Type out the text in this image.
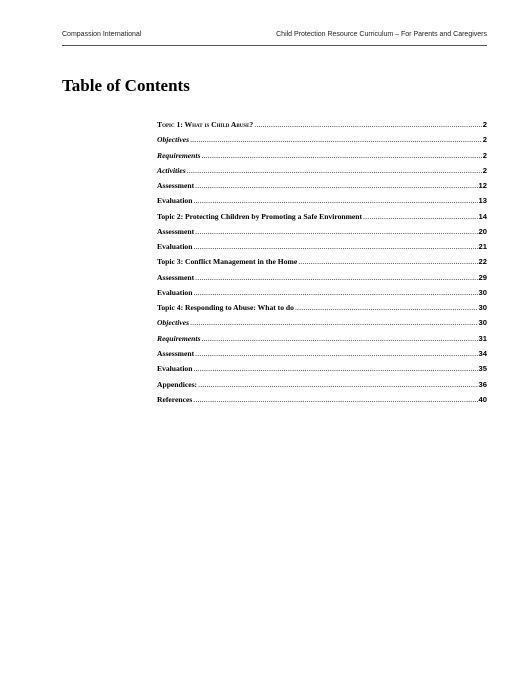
Compassion International	Child Protection Resource Curriculum – For Parents and Caregivers
Table of Contents
Topic 1: What is Child Abuse? .....	2
Objectives .....	2
Requirements .....	2
Activities .....	2
Assessment .....	12
Evaluation .....	13
Topic 2: Protecting Children by Promoting a Safe Environment .....	14
Assessment .....	20
Evaluation .....	21
Topic 3: Conflict Management in the Home .....	22
Assessment .....	29
Evaluation .....	30
Topic 4: Responding to Abuse: What to do .....	30
Objectives .....	30
Requirements .....	31
Assessment .....	34
Evaluation .....	35
Appendices: .....	36
References .....	40
